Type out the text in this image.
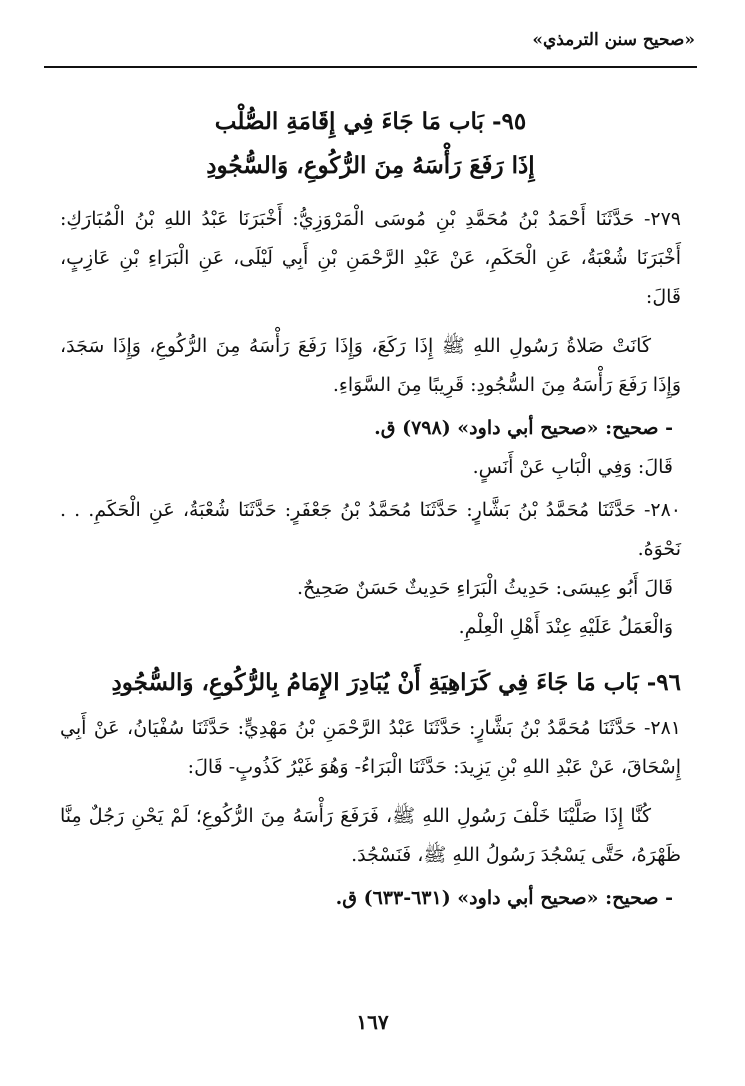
«صحيح سنن الترمذي»
٩٥- بَاب مَا جَاءَ فِي إِقَامَةِ الصُّلْب
إِذَا رَفَعَ رَأْسَهُ مِنَ الرُّكُوعِ، وَالسُّجُودِ

٢٧٩- حَدَّثَنَا أَحْمَدُ بْنُ مُحَمَّدِ بْنِ مُوسَى الْمَرْوَزِيُّ: أَخْبَرَنَا عَبْدُ اللهِ بْنُ الْمُبَارَكِ: أَخْبَرَنَا شُعْبَةُ، عَنِ الْحَكَمِ، عَنْ عَبْدِ الرَّحْمَنِ بْنِ أَبِي لَيْلَى، عَنِ الْبَرَاءِ بْنِ عَازِبٍ، قَالَ:

كَانَتْ صَلاةُ رَسُولِ اللهِ ﷺ إِذَا رَكَعَ، وَإِذَا رَفَعَ رَأْسَهُ مِنَ الرُّكُوعِ، وَإِذَا سَجَدَ، وَإِذَا رَفَعَ رَأْسَهُ مِنَ السُّجُودِ: قَرِيبًا مِنَ السَّوَاءِ.

- صحيح: «صحيح أبي داود» (٧٩٨) ق.

قَالَ: وَفِي الْبَابِ عَنْ أَنَسٍ.

٢٨٠- حَدَّثَنَا مُحَمَّدُ بْنُ بَشَّارٍ: حَدَّثَنَا مُحَمَّدُ بْنُ جَعْفَرٍ: حَدَّثَنَا شُعْبَةُ، عَنِ الْحَكَمِ. . . نَحْوَهُ.

قَالَ أَبُو عِيسَى: حَدِيثُ الْبَرَاءِ حَدِيثٌ حَسَنٌ صَحِيحٌ.

وَالْعَمَلُ عَلَيْهِ عِنْدَ أَهْلِ الْعِلْمِ.

٩٦- بَاب مَا جَاءَ فِي كَرَاهِيَةِ أَنْ يُبَادِرَ الإِمَامُ بِالرُّكُوعِ، وَالسُّجُودِ

٢٨١- حَدَّثَنَا مُحَمَّدُ بْنُ بَشَّارٍ: حَدَّثَنَا عَبْدُ الرَّحْمَنِ بْنُ مَهْدِيٍّ: حَدَّثَنَا سُفْيَانُ، عَنْ أَبِي إِسْحَاقَ، عَنْ عَبْدِ اللهِ بْنِ يَزِيدَ: حَدَّثَنَا الْبَرَاءُ- وَهُوَ غَيْرُ كَذُوبٍ- قَالَ:

كُنَّا إِذَا صَلَّيْنَا خَلْفَ رَسُولِ اللهِ ﷺ، فَرَفَعَ رَأْسَهُ مِنَ الرُّكُوعِ؛ لَمْ يَحْنِ رَجُلٌ مِنَّا ظَهْرَهُ، حَتَّى يَسْجُدَ رَسُولُ اللهِ ﷺ، فَنَسْجُدَ.

- صحيح: «صحيح أبي داود» (٦٣١-٦٣٣) ق.

١٦٧
